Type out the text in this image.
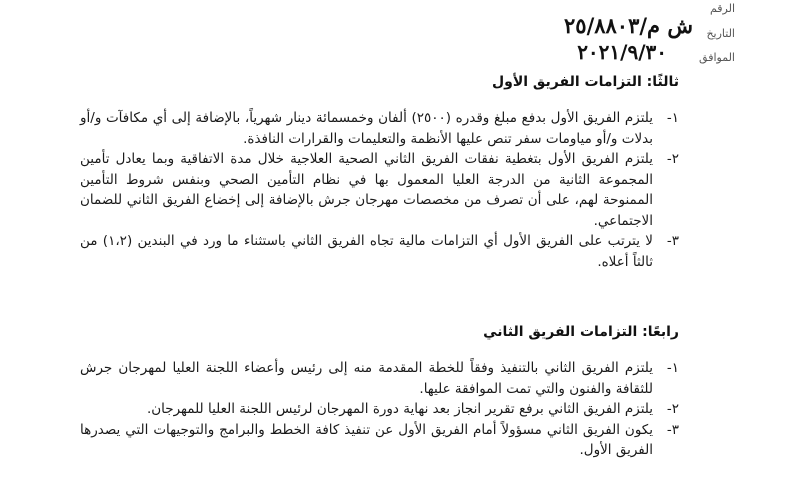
الرقم
التاريخ
الموافق
ش م/٢٥/٨٨٠٣
٢٠٢١/٩/٣٠
ثالثًا: التزامات الفريق الأول
١-
يلتزم الفريق الأول بدفع مبلغ وقدره (٢٥٠٠) ألفان وخمسمائة دينار شهرياً، بالإضافة إلى أي مكافآت و/أو بدلات و/أو مياومات سفر تنص عليها الأنظمة والتعليمات والقرارات النافذة.
٢-
يلتزم الفريق الأول بتغطية نفقات الفريق الثاني الصحية العلاجية خلال مدة الاتفاقية وبما يعادل تأمين المجموعة الثانية من الدرجة العليا المعمول بها في نظام التأمين الصحي وبنفس شروط التأمين الممنوحة لهم، على أن تصرف من مخصصات مهرجان جرش بالإضافة إلى إخضاع الفريق الثاني للضمان الاجتماعي.
٣-
لا يترتب على الفريق الأول أي التزامات مالية تجاه الفريق الثاني باستثناء ما ورد في البندين (١،٢) من ثالثاً أعلاه.
رابعًا: التزامات الفريق الثاني
١-
يلتزم الفريق الثاني بالتنفيذ وفقاً للخطة المقدمة منه إلى رئيس وأعضاء اللجنة العليا لمهرجان جرش للثقافة والفنون والتي تمت الموافقة عليها.
٢-
يلتزم الفريق الثاني برفع تقرير انجاز بعد نهاية دورة المهرجان لرئيس اللجنة العليا للمهرجان.
٣-
يكون الفريق الثاني مسؤولاً أمام الفريق الأول عن تنفيذ كافة الخطط والبرامج والتوجيهات التي يصدرها الفريق الأول.
